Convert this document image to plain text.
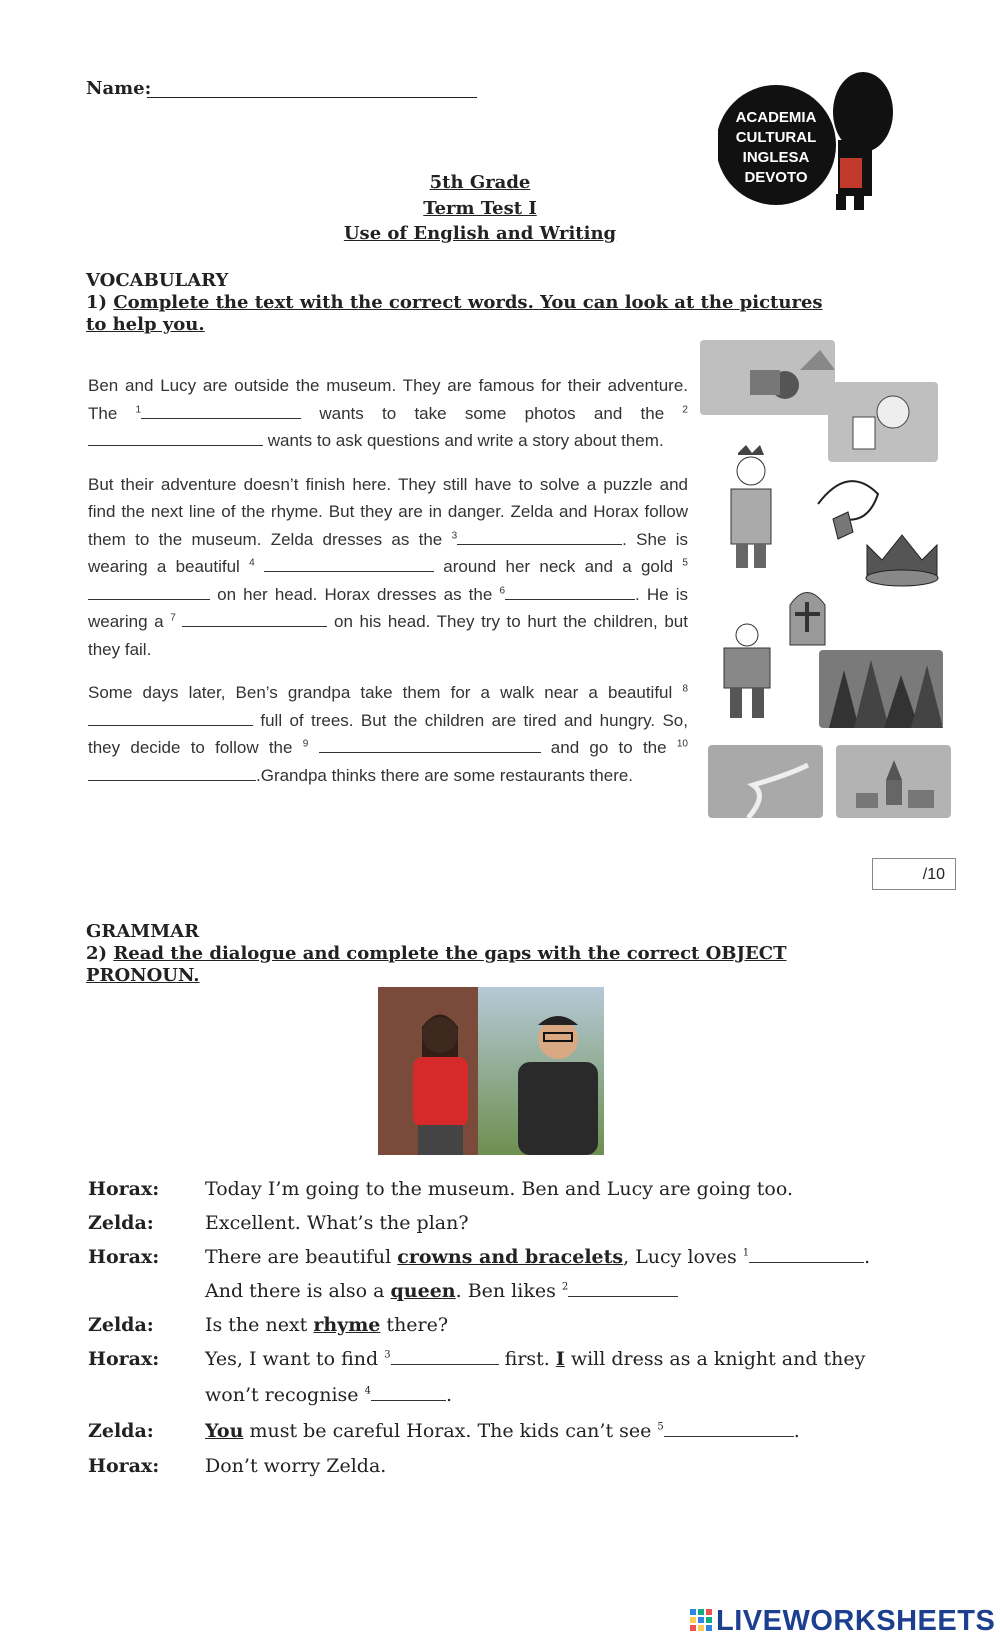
Name:
5th Grade
Term Test I
Use of English and Writing
ACADEMIA
CULTURAL
INGLESA
DEVOTO
VOCABULARY
1) Complete the text with the correct words. You can look at the pictures to help you.

Ben and Lucy are outside the museum. They are famous for their adventure. The $^1$	wants to take some photos and the $^2$ wants to ask questions and write a story about them.

But their adventure doesn’t finish here. They still have to solve a puzzle and find the next line of the rhyme. But they are in danger. Zelda and Horax follow them to the museum. Zelda dresses as the $^3$	. She is wearing a beautiful $^4$	around her neck and a gold $^5$ on her head. Horax dresses as the $^6$	. He is wearing a $^7$	on his head. They try to hurt the children, but they fail.

Some days later, Ben’s grandpa take them for a walk near a beautiful $^8$ full of trees. But the children are tired and hungry. So, they decide to follow the $^9$	and go to the $^{10}$.Grandpa thinks there are some restaurants there.

/10
GRAMMAR
2) Read the dialogue and complete the gaps with the correct OBJECT PRONOUN.
Horax: Today I’m going to the museum. Ben and Lucy are going too.
Zelda:	Excellent. What’s the plan?
Horax: There are beautiful crowns and bracelets, Lucy loves $^1$	.
And there is also a queen. Ben likes $^2$
Zelda:	Is the next rhyme there?
Horax: Yes, I want to find $^3$	first. I will dress as a knight and they
won’t recognise $^4$	.
Zelda:	You must be careful Horax. The kids can’t see $^5$	.
Horax: Don’t worry Zelda.
LIVEWORKSHEETS
